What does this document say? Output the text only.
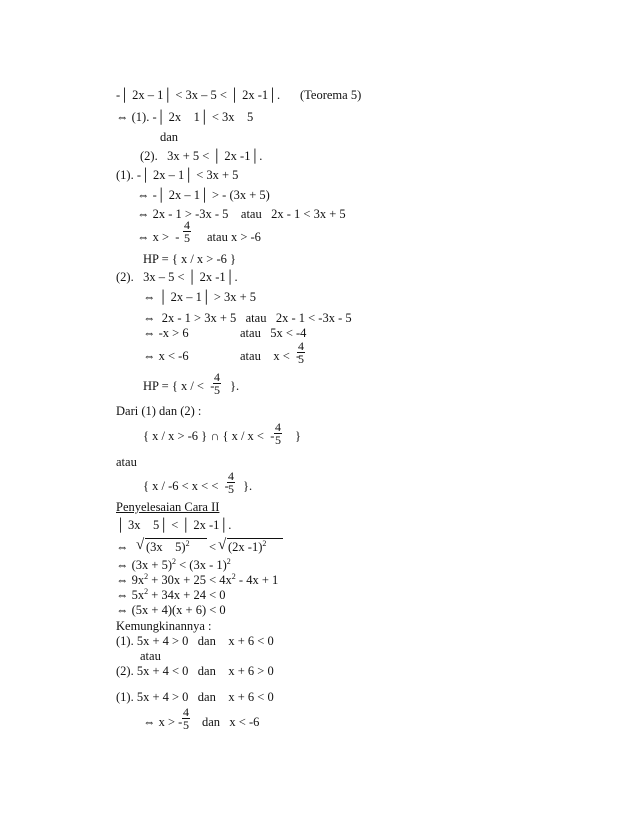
-│ 2x – 1│ < 3x – 5 < │ 2x -1│. (Teorema 5)
⇔ (1). -│ 2x    1│ < 3x    5
dan
(2).   3x + 5 < │ 2x -1│.
(1). -│ 2x – 1│ < 3x + 5
⇔ -│ 2x – 1│ > - (3x + 5)
⇔ 2x - 1 > -3x - 5    atau   2x - 1 < 3x + 5
⇔ x >  - $\frac{4}{5}$ atau x > -6
HP = { x / x > -6 }
(2).   3x – 5 < │ 2x -1│.
⇔ │ 2x – 1│ > 3x + 5
⇔  2x - 1 > 3x + 5   atau   2x - 1 < -3x - 5
⇔ -x > 6	atau   5x < -4
⇔ x < -6	atau    x <  -
$\frac{4}{5}$
HP = { x / <  -
$\frac{4}{5}$ }.
Dari (1) dan (2) :
{ x / x > -6 } ∩ { x / x <  - $\frac{4}{5}$ }
atau
{ x / -6 < x < <  -
$\frac{4}{5}$ }.
Penyelesaian Cara II
│ 3x    5│ < │ 2x -1│.
⇔ √ (3x    5)$^2$ < √ (2x -1)$^2$
⇔ $(3x + 5)^2 < (3x - 1)^2$
⇔ $9x^2 + 30x + 25 < 4x^2 - 4x + 1$
⇔ $5x^2 + 34x + 24 < 0$
⇔ (5x + 4)(x + 6) < 0
Kemungkinannya :
(1). 5x + 4 > 0   dan    x + 6 < 0
atau
(2). 5x + 4 < 0   dan    x + 6 > 0
(1). 5x + 4 > 0   dan    x + 6 < 0
⇔ x > - $\frac{4}{5}$ dan   x < -6
